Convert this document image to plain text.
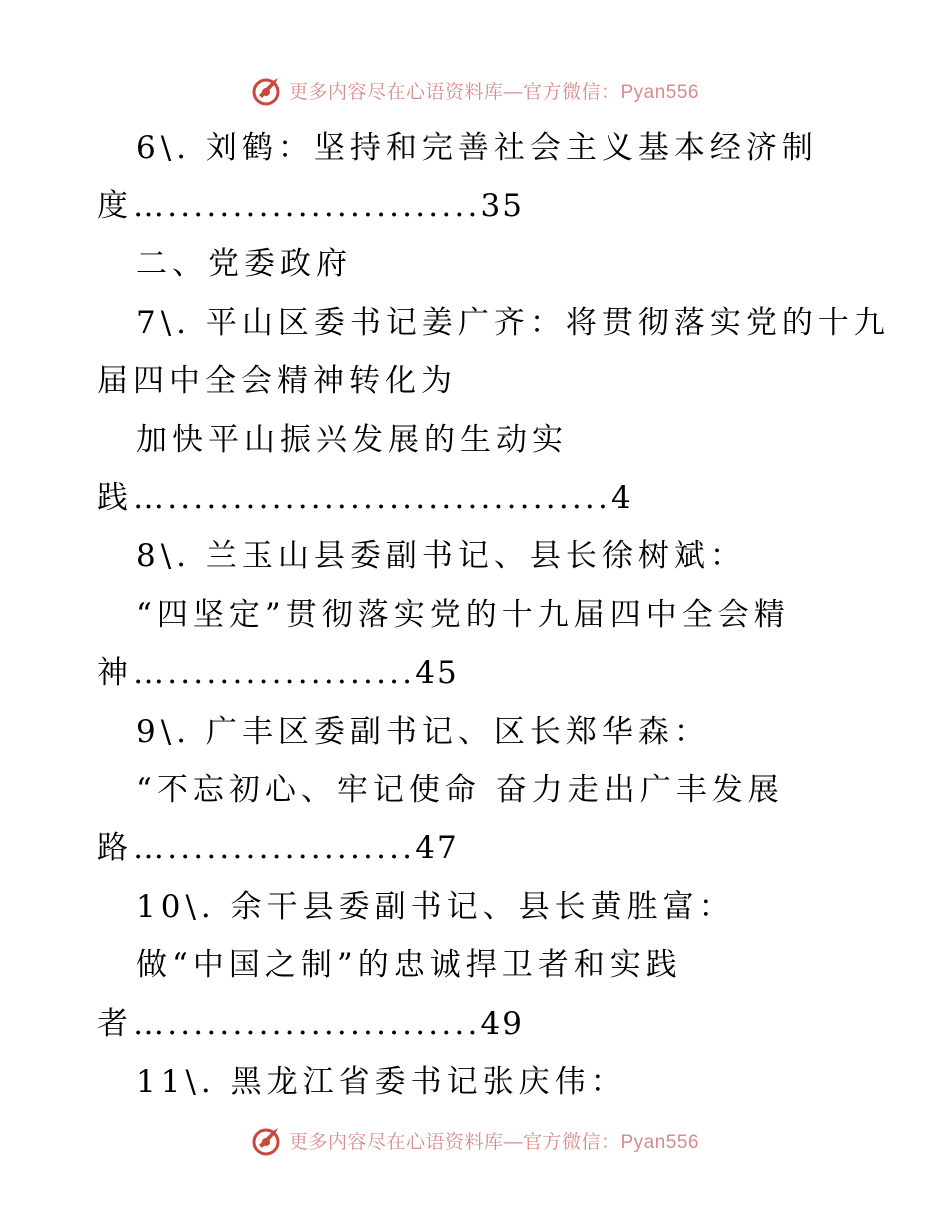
更多内容尽在心语资料库—官方微信：Pyan556
6\. 刘鹤：坚持和完善社会主义基本经济制
度…........................35
二、党委政府
7\. 平山区委书记姜广齐：将贯彻落实党的十九
届四中全会精神转化为
加快平山振兴发展的生动实
践…..................................4
8\. 兰玉山县委副书记、县长徐树斌：
“四坚定”贯彻落实党的十九届四中全会精
神…...................45
9\. 广丰区委副书记、区长郑华森：
“不忘初心、牢记使命 奋力走出广丰发展
路…...................47
10\. 余干县委副书记、县长黄胜富：
做“中国之制”的忠诚捍卫者和实践
者…........................49
11\. 黑龙江省委书记张庆伟：
更多内容尽在心语资料库—官方微信：Pyan556
